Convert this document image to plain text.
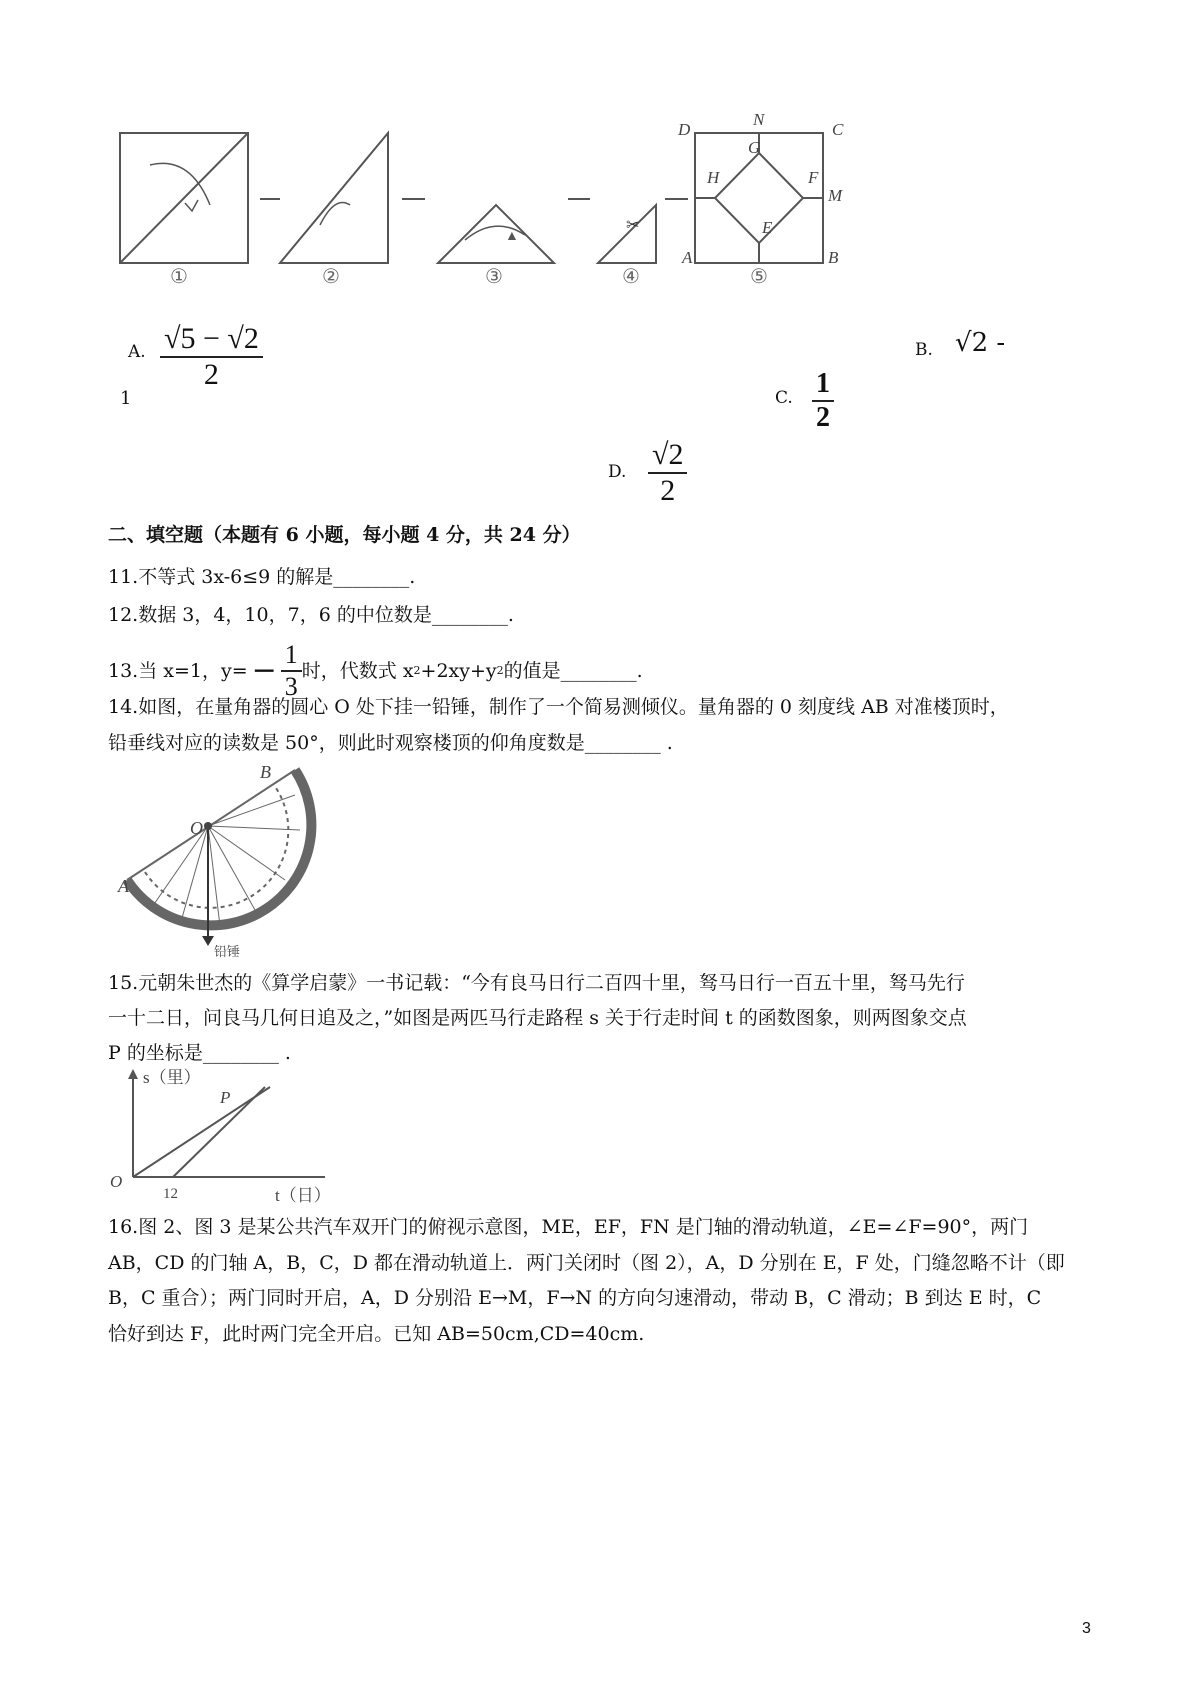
▲
✂
D
N
C
G
H	F
M
E
A	B
①	②	③	④	⑤
A. $\frac{√5 - √2}{2}$	B. √2 -
1	C. $\frac{1}{2}$
D. $\frac{√2}{2}$
二、填空题（本题有 6 小题，每小题 4 分，共 24 分）
11.不等式 3x-6≤9 的解是________.
12.数据 3，4，10，7，6 的中位数是________.
13.当 x=1，$y= - \frac{1}{3}$ 时，代数式 x 2 +2xy+y 2 的值是________.
14.如图，在量角器的圆心 O 处下挂一铅锤，制作了一个简易测倾仪。量角器的 0 刻度线 AB 对准楼顶时，
铅垂线对应的读数是 50°，则此时观察楼顶的仰角度数是________ .
A
B
O
铅锤
15.元朝朱世杰的《算学启蒙》一书记载：“今有良马日行二百四十里，驽马日行一百五十里，驽马先行
一十二日，问良马几何日追及之，”如图是两匹马行走路程 s 关于行走时间 t 的函数图象，则两图象交点
P 的坐标是________ .
s（里）
t（日）
O
P
12
16.图 2、图 3 是某公共汽车双开门的俯视示意图，ME，EF，FN 是门轴的滑动轨道，∠E=∠F=90°，两门
AB，CD 的门轴 A，B，C，D 都在滑动轨道上．两门关闭时（图 2），A，D 分别在 E，F 处，门缝忽略不计（即
B，C 重合）；两门同时开启，A，D 分别沿 E→M，F→N 的方向匀速滑动，带动 B，C 滑动；B 到达 E 时，C
恰好到达 F，此时两门完全开启。已知 AB=50cm,CD=40cm.
3
